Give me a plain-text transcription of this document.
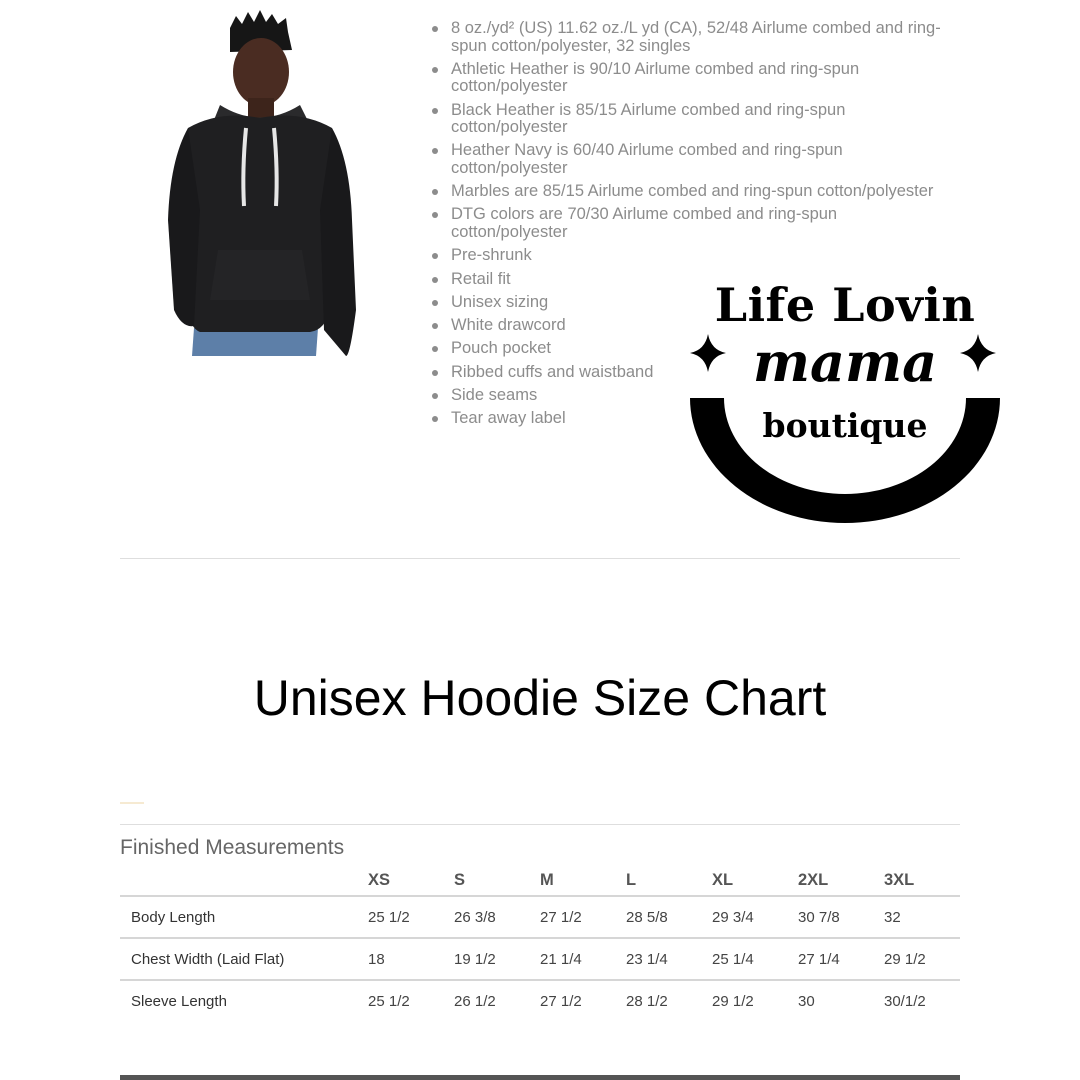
8 oz./yd² (US) 11.62 oz./L yd (CA), 52/48 Airlume combed and ring-spun cotton/polyester, 32 singles
Athletic Heather is 90/10 Airlume combed and ring-spun cotton/polyester
Black Heather is 85/15 Airlume combed and ring-spun cotton/polyester
Heather Navy is 60/40 Airlume combed and ring-spun cotton/polyester
Marbles are 85/15 Airlume combed and ring-spun cotton/polyester
DTG colors are 70/30 Airlume combed and ring-spun cotton/polyester
Pre-shrunk
Retail fit
Unisex sizing
White drawcord
Pouch pocket
Ribbed cuffs and waistband
Side seams
Tear away label
Life Lovin
mama
boutique
Unisex Hoodie Size Chart
Finished Measurements
	XS	S	M	L	XL	2XL	3XL
Body Length	25 1/2	26 3/8	27 1/2	28 5/8	29 3/4	30 7/8	32
Chest Width (Laid Flat)	18	19 1/2	21 1/4	23 1/4	25 1/4	27 1/4	29 1/2
Sleeve Length	25 1/2	26 1/2	27 1/2	28 1/2	29 1/2	30	30/1/2
